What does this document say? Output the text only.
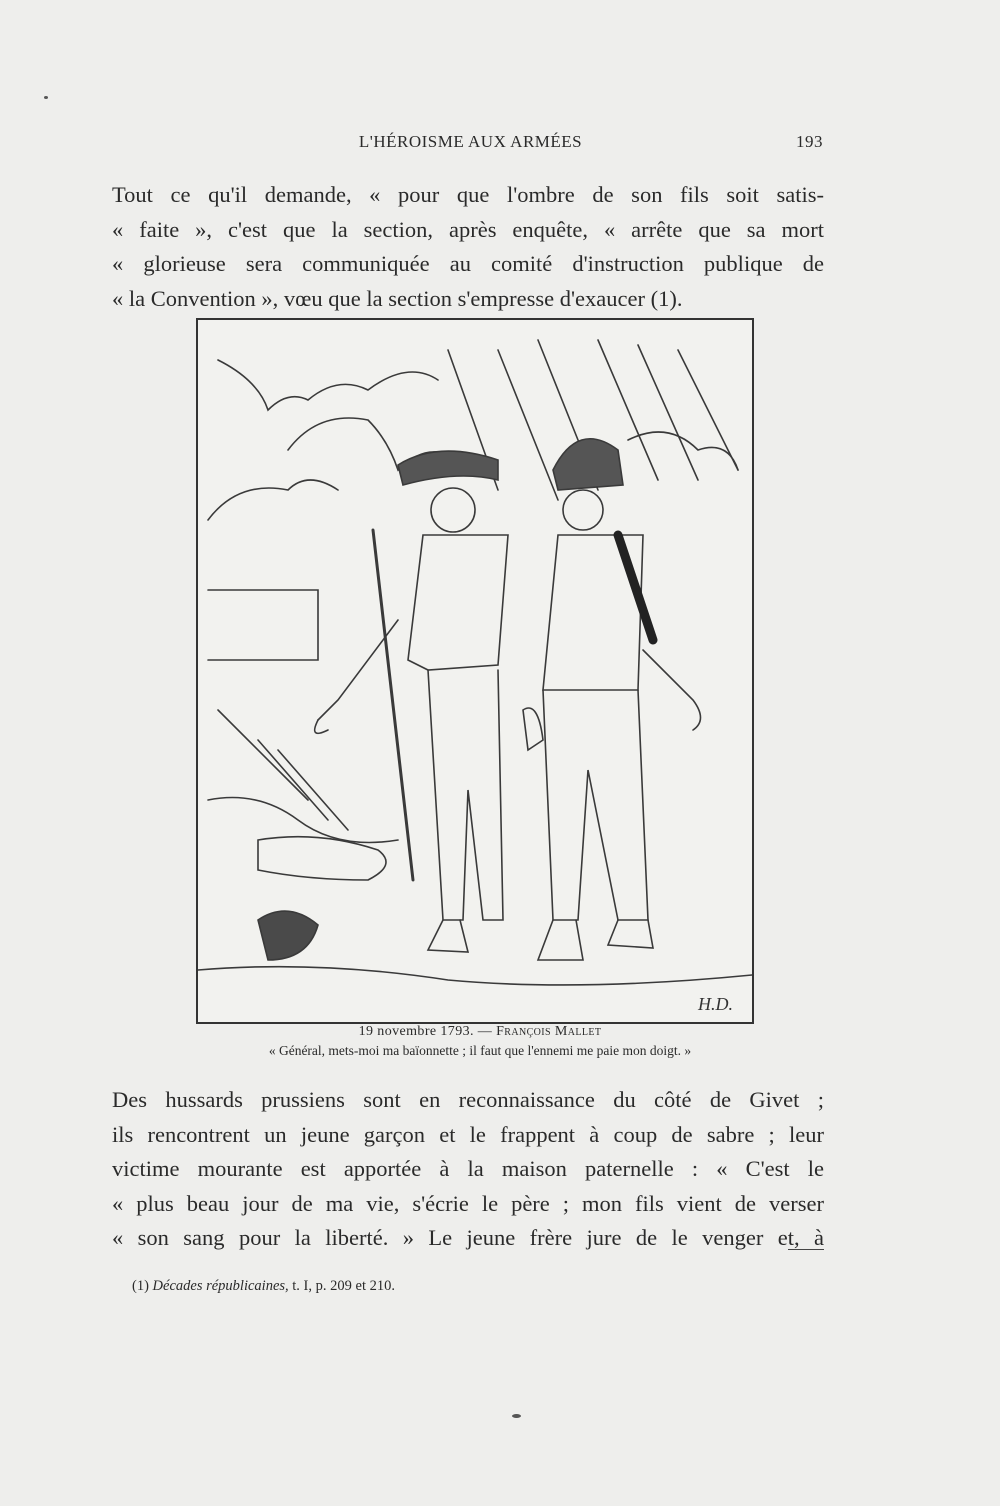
L'HÉROISME AUX ARMÉES	193
Tout ce qu'il demande, « pour que l'ombre de son fils soit satis-
« faite », c'est que la section, après enquête, « arrête que sa mort
« glorieuse sera communiquée au comité d'instruction publique de
« la Convention », vœu que la section s'empresse d'exaucer (1).
H.D.
19 novembre 1793. — François Mallet
« Général, mets-moi ma baïonnette ; il faut que l'ennemi me paie mon doigt. »
Des hussards prussiens sont en reconnaissance du côté de Givet ;
ils rencontrent un jeune garçon et le frappent à coup de sabre ; leur
victime mourante est apportée à la maison paternelle : « C'est le
« plus beau jour de ma vie, s'écrie le père ; mon fils vient de verser
« son sang pour la liberté. » Le jeune frère jure de le venger et, à
(1) Décades républicaines, t. I, p. 209 et 210.
